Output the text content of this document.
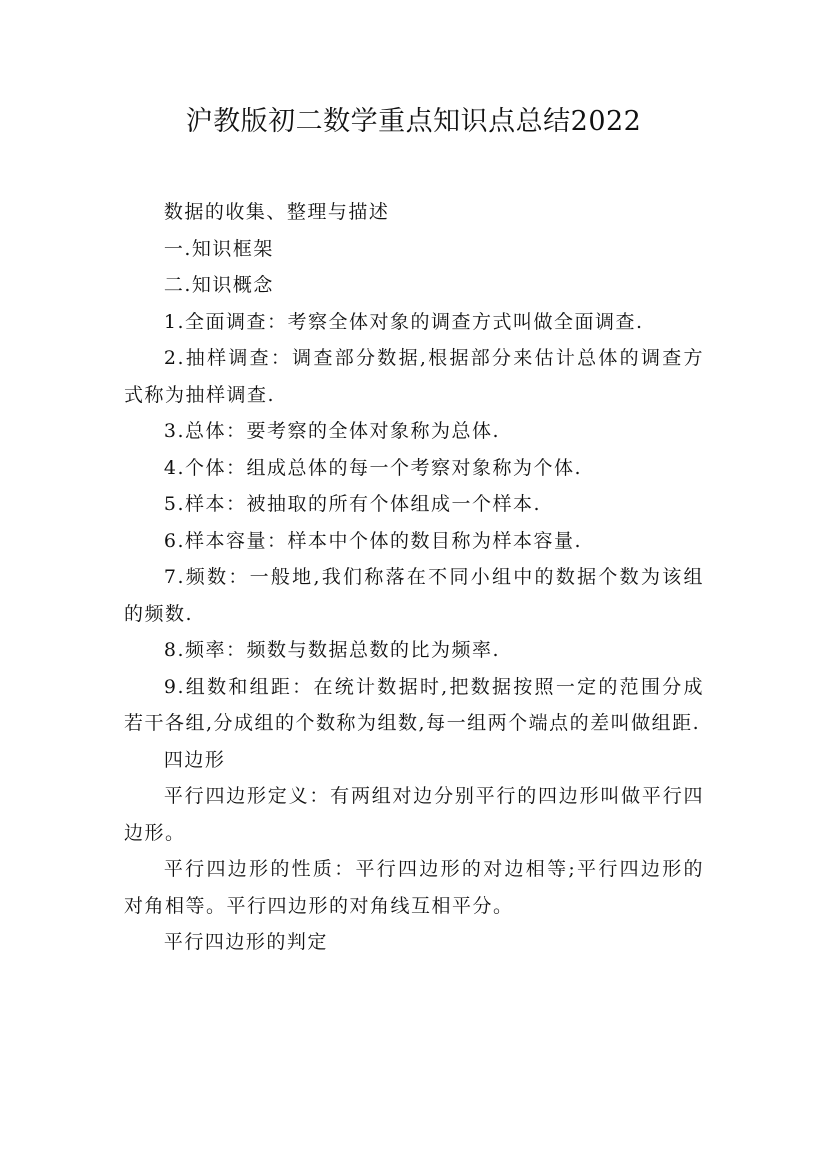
沪教版初二数学重点知识点总结2022

数据的收集、整理与描述

一.知识框架

二.知识概念

1.全面调查：考察全体对象的调查方式叫做全面调查.

2.抽样调查：调查部分数据,根据部分来估计总体的调查方式称为抽样调查.

3.总体：要考察的全体对象称为总体.

4.个体：组成总体的每一个考察对象称为个体.

5.样本：被抽取的所有个体组成一个样本.

6.样本容量：样本中个体的数目称为样本容量.

7.频数：一般地,我们称落在不同小组中的数据个数为该组的频数.

8.频率：频数与数据总数的比为频率.

9.组数和组距：在统计数据时,把数据按照一定的范围分成若干各组,分成组的个数称为组数,每一组两个端点的差叫做组距.

四边形

平行四边形定义：有两组对边分别平行的四边形叫做平行四边形。

平行四边形的性质：平行四边形的对边相等;平行四边形的对角相等。平行四边形的对角线互相平分。

平行四边形的判定
